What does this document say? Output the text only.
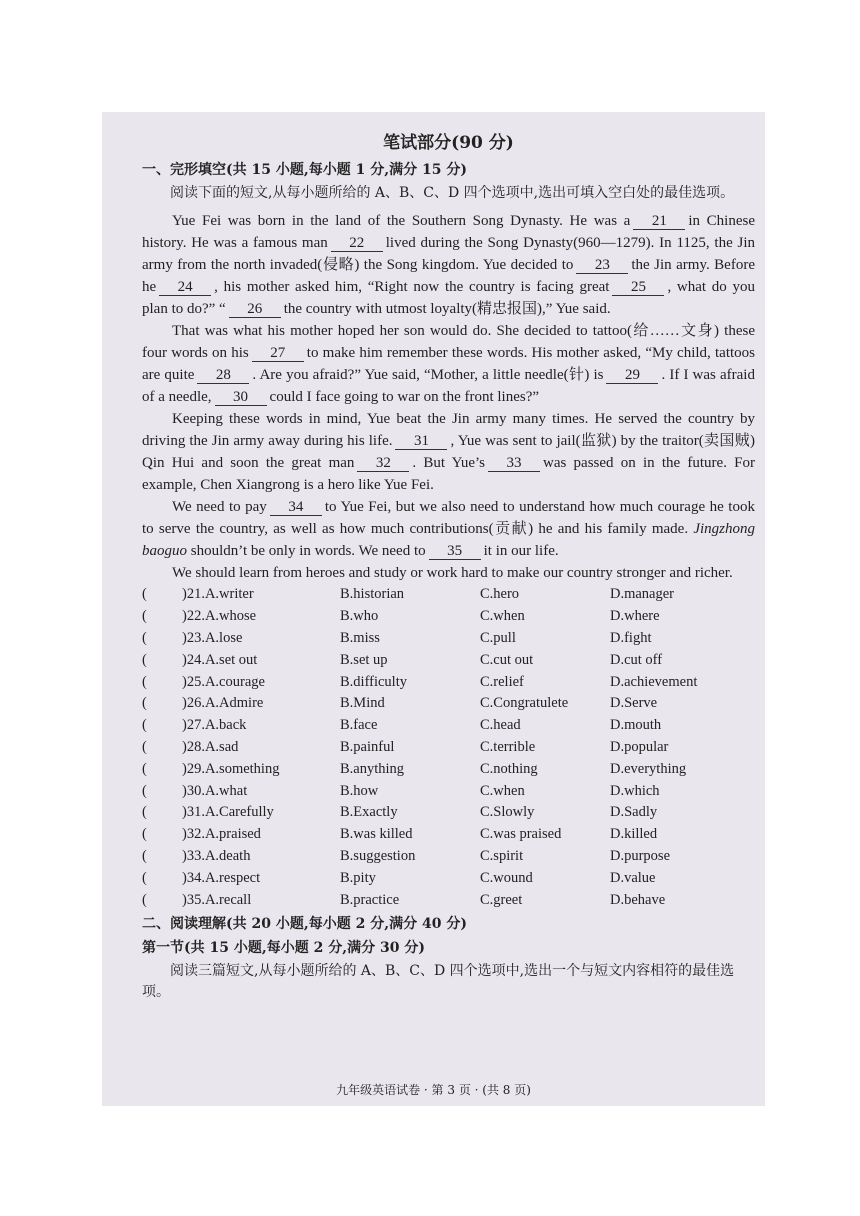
笔试部分(90 分)
一、完形填空(共 15 小题,每小题 1 分,满分 15 分)

阅读下面的短文,从每小题所给的 A、B、C、D 四个选项中,选出可填入空白处的最佳选项。

Yue Fei was born in the land of the Southern Song Dynasty. He was a 21 in Chinese history. He was a famous man 22 lived during the Song Dynasty(960—1279). In 1125, the Jin army from the north invaded(侵略) the Song kingdom. Yue decided to 23 the Jin army. Before he 24 , his mother asked him, “Right now the country is facing great 25 , what do you plan to do?” “ 26 the country with utmost loyalty(精忠报国),” Yue said.

That was what his mother hoped her son would do. She decided to tattoo(给……文身) these four words on his 27 to make him remember these words. His mother asked, “My child, tattoos are quite 28 . Are you afraid?” Yue said, “Mother, a little needle(针) is 29 . If I was afraid of a needle, 30 could I face going to war on the front lines?”

Keeping these words in mind, Yue beat the Jin army many times. He served the country by driving the Jin army away during his life. 31 , Yue was sent to jail(监狱) by the traitor(卖国贼) Qin Hui and soon the great man 32 . But Yue’s 33 was passed on in the future. For example, Chen Xiangrong is a hero like Yue Fei.

We need to pay 34 to Yue Fei, but we also need to understand how much courage he took to serve the country, as well as how much contributions(贡献) he and his family made. Jingzhong baoguo shouldn’t be only in words. We need to 35 it in our life.

We should learn from heroes and study or work hard to make our country stronger and richer.

(	)21.A.writer	B.historian	C.hero	D.manager
(	)22.A.whose	B.who	C.when	D.where
(	)23.A.lose	B.miss	C.pull	D.fight
(	)24.A.set out	B.set up	C.cut out	D.cut off
(	)25.A.courage	B.difficulty	C.relief	D.achievement
(	)26.A.Admire	B.Mind	C.Congratulete	D.Serve
(	)27.A.back	B.face	C.head	D.mouth
(	)28.A.sad	B.painful	C.terrible	D.popular
(	)29.A.something	B.anything	C.nothing	D.everything
(	)30.A.what	B.how	C.when	D.which
(	)31.A.Carefully	B.Exactly	C.Slowly	D.Sadly
(	)32.A.praised	B.was killed	C.was praised	D.killed
(	)33.A.death	B.suggestion	C.spirit	D.purpose
(	)34.A.respect	B.pity	C.wound	D.value
(	)35.A.recall	B.practice	C.greet	D.behave
二、阅读理解(共 20 小题,每小题 2 分,满分 40 分)
第一节(共 15 小题,每小题 2 分,满分 30 分)

阅读三篇短文,从每小题所给的 A、B、C、D 四个选项中,选出一个与短文内容相符的最佳选项。

九年级英语试卷 · 第 3 页 · (共 8 页)
